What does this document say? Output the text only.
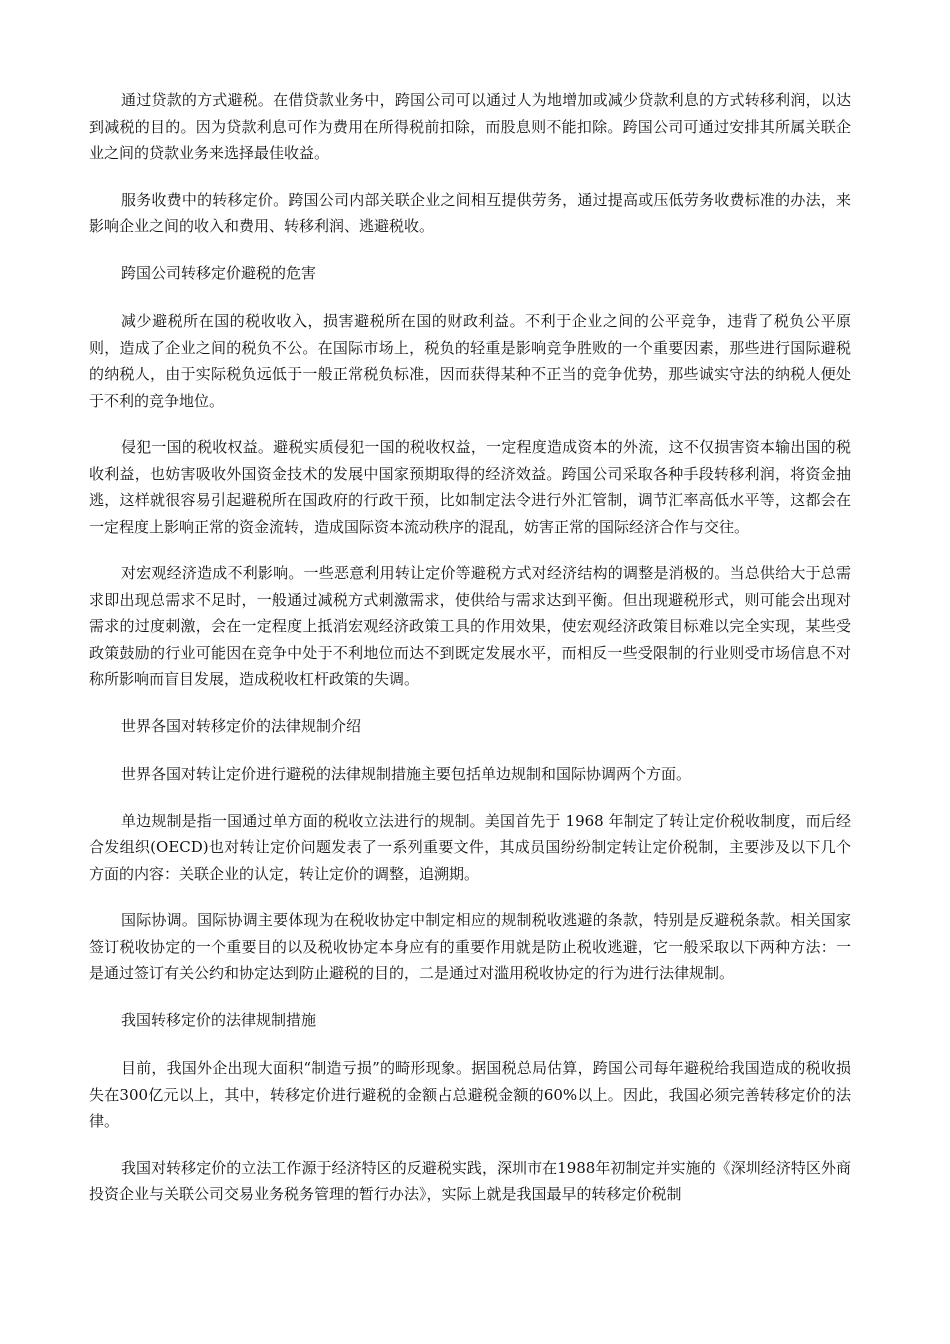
通过贷款的方式避税。在借贷款业务中，跨国公司可以通过人为地增加或减少贷款利息的方式转移利润，以达到减税的目的。因为贷款利息可作为费用在所得税前扣除，而股息则不能扣除。跨国公司可通过安排其所属关联企业之间的贷款业务来选择最佳收益。

服务收费中的转移定价。跨国公司内部关联企业之间相互提供劳务，通过提高或压低劳务收费标准的办法，来影响企业之间的收入和费用、转移利润、逃避税收。

跨国公司转移定价避税的危害

减少避税所在国的税收收入，损害避税所在国的财政利益。不利于企业之间的公平竞争，违背了税负公平原则，造成了企业之间的税负不公。在国际市场上，税负的轻重是影响竞争胜败的一个重要因素，那些进行国际避税的纳税人，由于实际税负远低于一般正常税负标准，因而获得某种不正当的竞争优势，那些诚实守法的纳税人便处于不利的竞争地位。

侵犯一国的税收权益。避税实质侵犯一国的税收权益，一定程度造成资本的外流，这不仅损害资本输出国的税收利益，也妨害吸收外国资金技术的发展中国家预期取得的经济效益。跨国公司采取各种手段转移利润，将资金抽逃，这样就很容易引起避税所在国政府的行政干预，比如制定法令进行外汇管制，调节汇率高低水平等，这都会在一定程度上影响正常的资金流转，造成国际资本流动秩序的混乱，妨害正常的国际经济合作与交往。

对宏观经济造成不利影响。一些恶意利用转让定价等避税方式对经济结构的调整是消极的。当总供给大于总需求即出现总需求不足时，一般通过减税方式刺激需求，使供给与需求达到平衡。但出现避税形式，则可能会出现对需求的过度刺激，会在一定程度上抵消宏观经济政策工具的作用效果，使宏观经济政策目标难以完全实现，某些受政策鼓励的行业可能因在竞争中处于不利地位而达不到既定发展水平，而相反一些受限制的行业则受市场信息不对称所影响而盲目发展，造成税收杠杆政策的失调。

世界各国对转移定价的法律规制介绍

世界各国对转让定价进行避税的法律规制措施主要包括单边规制和国际协调两个方面。

单边规制是指一国通过单方面的税收立法进行的规制。美国首先于 1968 年制定了转让定价税收制度，而后经合发组织(OECD)也对转让定价问题发表了一系列重要文件，其成员国纷纷制定转让定价税制，主要涉及以下几个方面的内容：关联企业的认定，转让定价的调整，追溯期。

国际协调。国际协调主要体现为在税收协定中制定相应的规制税收逃避的条款，特别是反避税条款。相关国家签订税收协定的一个重要目的以及税收协定本身应有的重要作用就是防止税收逃避，它一般采取以下两种方法：一是通过签订有关公约和协定达到防止避税的目的，二是通过对滥用税收协定的行为进行法律规制。

我国转移定价的法律规制措施

目前，我国外企出现大面积“制造亏损”的畸形现象。据国税总局估算，跨国公司每年避税给我国造成的税收损失在300亿元以上，其中，转移定价进行避税的金额占总避税金额的60%以上。因此，我国必须完善转移定价的法律。

我国对转移定价的立法工作源于经济特区的反避税实践，深圳市在1988年初制定并实施的《深圳经济特区外商投资企业与关联公司交易业务税务管理的暂行办法》，实际上就是我国最早的转移定价税制
